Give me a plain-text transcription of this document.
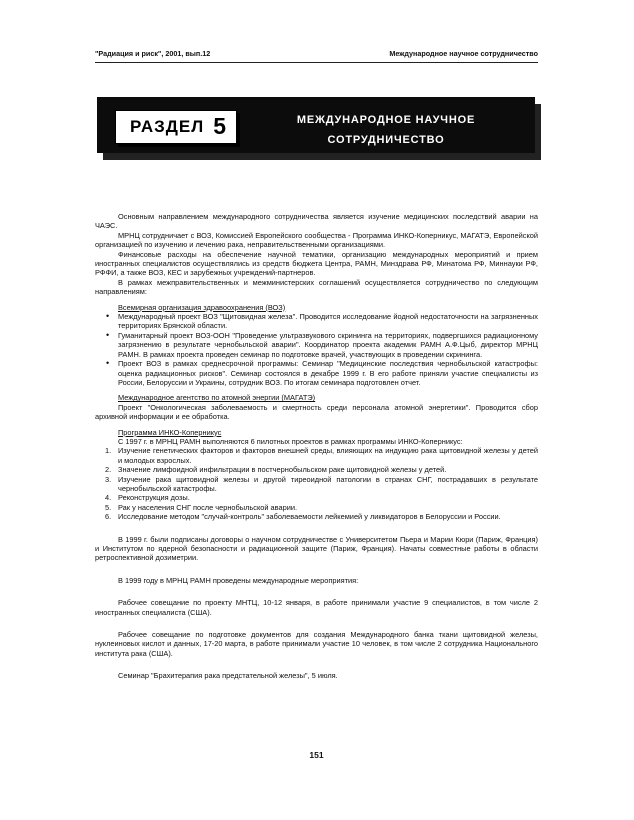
"Радиация и риск", 2001, вып.12	Международное научное сотрудничество
РАЗДЕЛ 5	МЕЖДУНАРОДНОЕ НАУЧНОЕ
СОТРУДНИЧЕСТВО

Основным направлением международного сотрудничества является изучение медицинских последствий аварии на ЧАЭС.

МРНЦ сотрудничает с ВОЗ, Комиссией Европейского сообщества - Программа ИНКО-Коперникус, МАГАТЭ, Европейской организацией по изучению и лечению рака, неправительственными организациями.

Финансовые расходы на обеспечение научной тематики, организацию международных мероприятий и прием иностранных специалистов осуществлялись из средств бюджета Центра, РАМН, Минздрава РФ, Минатома РФ, Миннауки РФ, РФФИ, а также ВОЗ, КЕС и зарубежных учреждений-партнеров.

В рамках межправительственных и межминистерских соглашений осуществляется сотрудничество по следующим направлениям:

Всемирная организация здравоохранения (ВОЗ)

• Международный проект ВОЗ "Щитовидная железа". Проводится исследование йодной недостаточности на загрязненных территориях Брянской области.
• Гуманитарный проект ВОЗ-ООН "Проведение ультразвукового скрининга на территориях, подвергшихся радиационному загрязнению в результате чернобыльской аварии". Координатор проекта академик РАМН А.Ф.Цыб, директор МРНЦ РАМН. В рамках проекта проведен семинар по подготовке врачей, участвующих в проведении скрининга.
• Проект ВОЗ в рамках среднесрочной программы: Семинар "Медицинские последствия чернобыльской катастрофы: оценка радиационных рисков". Семинар состоялся в декабре 1999 г. В его работе приняли участие специалисты из России, Белоруссии и Украины, сотрудник ВОЗ. По итогам семинара подготовлен отчет.

Международное агентство по атомной энергии (МАГАТЭ)

Проект "Онкологическая заболеваемость и смертность среди персонала атомной энергетики". Проводится сбор архивной информации и ее обработка.

Программа ИНКО-Коперникус

С 1997 г. в МРНЦ РАМН выполняются 6 пилотных проектов в рамках программы ИНКО-Коперникус:

1. Изучение генетических факторов и факторов внешней среды, влияющих на индукцию рака щитовидной железы у детей и молодых взрослых.
2. Значение лимфоидной инфильтрации в постчернобыльском раке щитовидной железы у детей.
3. Изучение рака щитовидной железы и другой тиреоидной патологии в странах СНГ, пострадавших в результате чернобыльской катастрофы.
4. Реконструкция дозы.
5. Рак у населения СНГ после чернобыльской аварии.
6. Исследование методом "случай-контроль" заболеваемости лейкемией у ликвидаторов в Белоруссии и России.

В 1999 г. были подписаны договоры о научном сотрудничестве с Университетом Пьера и Марии Кюри (Париж, Франция) и Институтом по ядерной безопасности и радиационной защите (Париж, Франция). Начаты совместные работы в области ретроспективной дозиметрии.

В 1999 году в МРНЦ РАМН проведены международные мероприятия:

Рабочее совещание по проекту МНТЦ, 10-12 января, в работе принимали участие 9 специалистов, в том числе 2 иностранных специалиста (США).

Рабочее совещание по подготовке документов для создания Международного банка ткани щитовидной железы, нуклеиновых кислот и данных, 17-20 марта, в работе принимали участие 10 человек, в том числе 2 сотрудника Национального института рака (США).

Семинар "Брахитерапия рака предстательной железы", 5 июля.

151
